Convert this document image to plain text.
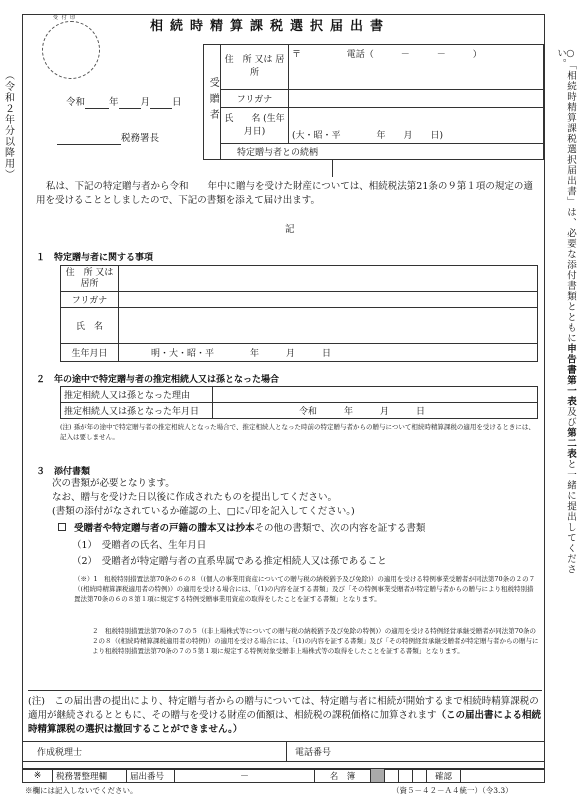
（令和２年分以降用）	○「相続時精算課税選択届出書」は、必要な添付書類とともに申告書第一表及び第二表と一緒に提出してください。
受 付 印
相続時精算課税選択届出書
令和	年 月 日
税務署長
受贈者	住　所 又は 居　所	〒 電話（　　　－　　　－　　　）
	フリガナ	
	氏　　名 (生年月日)	(大・昭・平　　　　年　　月　　日)
	特定贈与者との続柄	
私は、下記の特定贈与者から令和　　年中に贈与を受けた財産については、相続税法第21条の９第１項の規定の適用を受けることとしましたので、下記の書類を添えて届け出ます。
記
１　特定贈与者に関する事項
住　所 又は居所	
フリガナ	
氏　名	
生年月日	明・大・昭・平　　　　年　　　月　　　日
２　年の途中で特定贈与者の推定相続人又は孫となった場合
推定相続人又は孫となった理由	
推定相続人又は孫となった年月日	令和　　　年　　　月　　　日
(注) 孫が年の途中で特定贈与者の推定相続人となった場合で、推定相続人となった時前の特定贈与者からの贈与について相続時精算課税の適用を受けるときには、記入は要しません。
３　添付書類
次の書類が必要となります。
なお、贈与を受けた日以後に作成されたものを提出してください。
(書類の添付がなされているか確認の上、□に✓印を記入してください。)
受贈者や特定贈与者の戸籍の謄本又は抄本その他の書類で、次の内容を証する書類
（1）　受贈者の氏名、生年月日
（2）　受贈者が特定贈与者の直系卑属である推定相続人又は孫であること
（※）1　租税特別措置法第70条の６の８（(個人の事業用資産についての贈与税の納税猶予及び免除)）の適用を受ける特例事業受贈者が同法第70条の２の７（(相続時精算課税適用者の特例)）の適用を受ける場合には、「(1)の内容を証する書類」及び「その特例事業受贈者が特定贈与者からの贈与により租税特別措置法第70条の６の８第１項に規定する特例受贈事業用資産の取得をしたことを証する書類」となります。
２　租税特別措置法第70条の７の５（(非上場株式等についての贈与税の納税猶予及び免除の特例)）の適用を受ける特例経営承継受贈者が同法第70条の２の８（(相続時精算課税適用者の特例)）の適用を受ける場合には、「(1)の内容を証する書類」及び「その特例経営承継受贈者が特定贈与者からの贈与により租税特別措置法第70条の７の５第１項に規定する特例対象受贈非上場株式等の取得をしたことを証する書類」となります。
(注)　この届出書の提出により、特定贈与者からの贈与については、特定贈与者に相続が開始するまで相続時精算課税の適用が継続されるとともに、その贈与を受ける財産の価額は、相続税の課税価格に加算されます（この届出書による相続時精算課税の選択は撤回することができません。）
作成税理士	電話番号
※	税務署整理欄	届出番号	－	名　簿					確認	
※欄には記入しないでください。	（資５－４２－Ａ４統一）（令3.3）
